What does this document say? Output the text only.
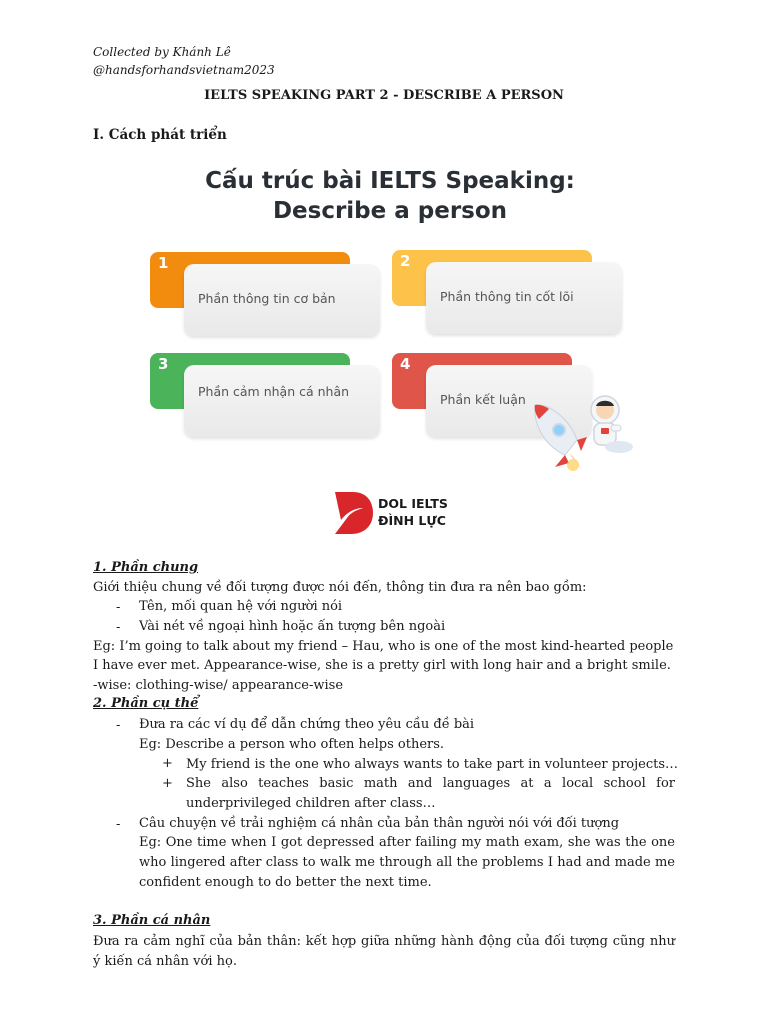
Collected by Khánh Lê
@handsforhandsvietnam2023
IELTS SPEAKING PART 2 - DESCRIBE A PERSON
I. Cách phát triển
Cấu trúc bài IELTS Speaking:
Describe a person
1
Phần thông tin cơ bản
2
Phần thông tin cốt lõi
3
Phần cảm nhận cá nhân
4
Phần kết luận
DOL IELTS
ĐÌNH LỰC
1. Phần chung
Giới thiệu chung về đối tượng được nói đến, thông tin đưa ra nên bao gồm:
- Tên, mối quan hệ với người nói
- Vài nét về ngoại hình hoặc ấn tượng bên ngoài
Eg: I’m going to talk about my friend – Hau, who is one of the most kind-hearted people
I have ever met. Appearance-wise, she is a pretty girl with long hair and a bright smile.
-wise: clothing-wise/ appearance-wise
2. Phần cụ thể
- Đưa ra các ví dụ để dẫn chứng theo yêu cầu đề bài
Eg: Describe a person who often helps others.
+ My friend is the one who always wants to take part in volunteer projects…
+ She also teaches basic math and languages at a local school for
underprivileged children after class…
- Câu chuyện về trải nghiệm cá nhân của bản thân người nói với đối tượng
Eg: One time when I got depressed after failing my math exam, she was the one
who lingered after class to walk me through all the problems I had and made me
confident enough to do better the next time.
3. Phần cá nhân
Đưa ra cảm nghĩ của bản thân: kết hợp giữa những hành động của đối tượng cũng như
ý kiến cá nhân với họ.
